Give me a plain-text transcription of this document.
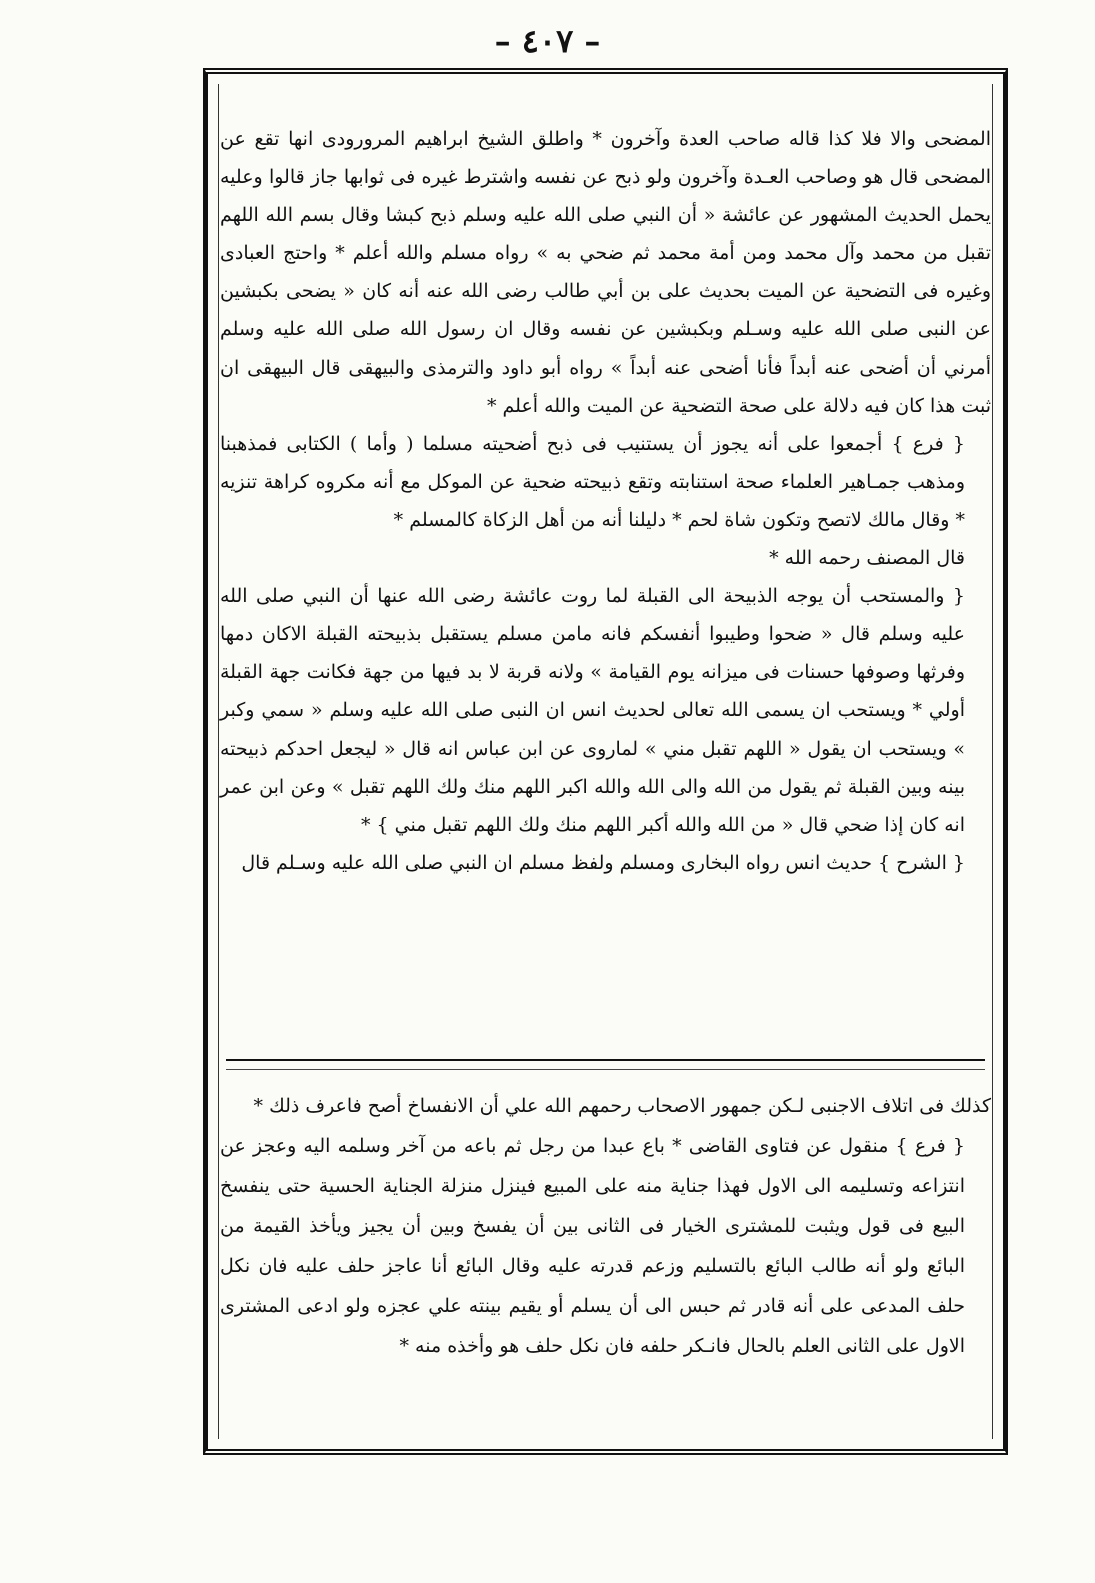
– ٤٠٧ –

المضحى والا فلا كذا قاله صاحب العدة وآخرون * واطلق الشيخ ابراهيم المرورودى انها تقع عن المضحى قال هو وصاحب العـدة وآخرون ولو ذبح عن نفسه واشترط غيره فى ثوابها جاز قالوا وعليه يحمل الحديث المشهور عن عائشة « أن النبي صلى الله عليه وسلم ذبح كبشا وقال بسم الله اللهم تقبل من محمد وآل محمد ومن أمة محمد ثم ضحي به » رواه مسلم والله أعلم * واحتج العبادى وغيره فى التضحية عن الميت بحديث على بن أبي طالب رضى الله عنه أنه كان « يضحى بكبشين عن النبى صلى الله عليه وسـلم وبكبشين عن نفسه وقال ان رسول الله صلى الله عليه وسلم أمرني أن أضحى عنه أبداً فأنا أضحى عنه أبداً » رواه أبو داود والترمذى والبيهقى قال البيهقى ان ثبت هذا كان فيه دلالة على صحة التضحية عن الميت والله أعلم *

{ فرع } أجمعوا على أنه يجوز أن يستنيب فى ذبح أضحيته مسلما ( وأما ) الكتابى فمذهبنا ومذهب جمـاهير العلماء صحة استنابته وتقع ذبيحته ضحية عن الموكل مع أنه مكروه كراهة تنزيه * وقال مالك لاتصح وتكون شاة لحم * دليلنا أنه من أهل الزكاة كالمسلم *

قال المصنف رحمه الله *

{ والمستحب أن يوجه الذبيحة الى القبلة لما روت عائشة رضى الله عنها أن النبي صلى الله عليه وسلم قال « ضحوا وطيبوا أنفسكم فانه مامن مسلم يستقبل بذبيحته القبلة الاكان دمها وفرثها وصوفها حسنات فى ميزانه يوم القيامة » ولانه قربة لا بد فيها من جهة فكانت جهة القبلة أولي * ويستحب ان يسمى الله تعالى لحديث انس ان النبى صلى الله عليه وسلم « سمي وكبر » ويستحب ان يقول « اللهم تقبل مني » لماروى عن ابن عباس انه قال « ليجعل احدكم ذبيحته بينه وبين القبلة ثم يقول من الله والى الله والله اكبر اللهم منك ولك اللهم تقبل » وعن ابن عمر انه كان إذا ضحي قال « من الله والله أكبر اللهم منك ولك اللهم تقبل مني } *

{ الشرح } حديث انس رواه البخارى ومسلم ولفظ مسلم ان النبي صلى الله عليه وسـلم قال

كذلك فى اتلاف الاجنبى لـكن جمهور الاصحاب رحمهم الله علي أن الانفساخ أصح فاعرف ذلك *

{ فرع } منقول عن فتاوى القاضى * باع عبدا من رجل ثم باعه من آخر وسلمه اليه وعجز عن انتزاعه وتسليمه الى الاول فهذا جناية منه على المبيع فينزل منزلة الجناية الحسية حتى ينفسخ البيع فى قول ويثبت للمشترى الخيار فى الثانى بين أن يفسخ وبين أن يجيز ويأخذ القيمة من البائع ولو أنه طالب البائع بالتسليم وزعم قدرته عليه وقال البائع أنا عاجز حلف عليه فان نكل حلف المدعى على أنه قادر ثم حبس الى أن يسلم أو يقيم بينته علي عجزه ولو ادعى المشترى الاول على الثانى العلم بالحال فانـكر حلفه فان نكل حلف هو وأخذه منه *
